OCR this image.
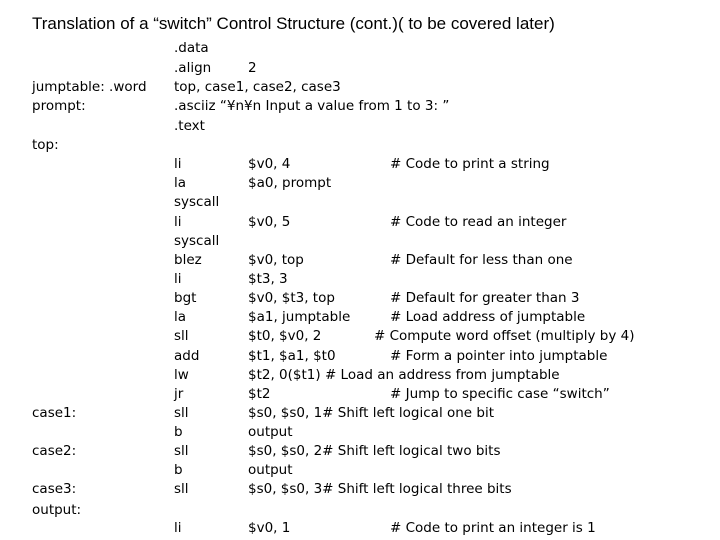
Translation of a “switch” Control Structure (cont.)( to be covered later)
.data
.align	2
jumptable: .word top, case1, case2, case3
prompt:	.asciiz “¥n¥n Input a value from 1 to 3: ”
.text
top:
li	$v0, 4	# Code to print a string
la	$a0, prompt
syscall
li	$v0, 5	# Code to read an integer
syscall
blez	$v0, top	# Default for less than one
li	$t3, 3
bgt	$v0, $t3, top	# Default for greater than 3
la	$a1, jumptable	# Load address of jumptable
sll	$t0, $v0, 2	# Compute word offset (multiply by 4)
add	$t1, $a1, $t0	# Form a pointer into jumptable
lw	$t2, 0($t1) # Load an address from jumptable
jr	$t2	# Jump to specific case “switch”
case1:	sll	$s0, $s0, 1# Shift left logical one bit
b	output
case2:	sll	$s0, $s0, 2# Shift left logical two bits
b	output
case3:	sll	$s0, $s0, 3# Shift left logical three bits
output:
li	$v0, 1	# Code to print an integer is 1
